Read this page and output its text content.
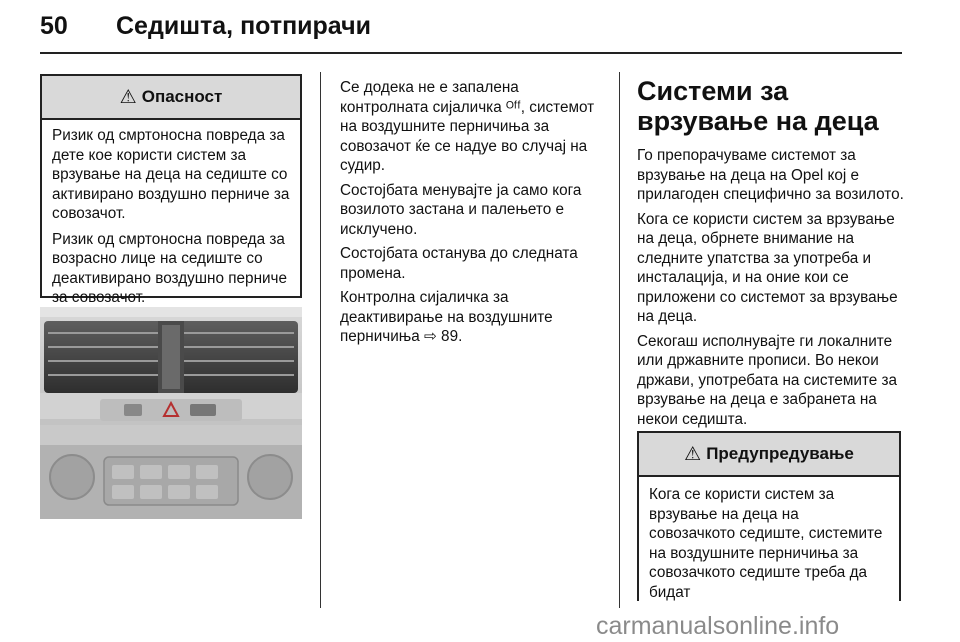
50 Седишта, потпирачи
⚠ Опасност

Ризик од смртоносна повреда за дете кое користи систем за врзување на деца на седиште со активирано воздушно перниче за совозачот.

Ризик од смртоносна повреда за возрасно лице на седиште со деактивирано воздушно перниче за совозачот.

Се додека не е запалена контролната сијаличка ᴼᶠᶠ, системот на воздушните перничиња за совозачот ќе се надуе во случај на судир.

Состојбата менувајте ја само кога возилото застана и палењето е исклучено.

Состојбата останува до следната промена.

Контролна сијаличка за деактивирање на воздушните перничиња ⇨ 89.

Системи за врзување на деца

Го препорачуваме системот за врзување на деца на Opel кој е прилагоден специфично за возилото.

Кога се користи систем за врзување на деца, обрнете внимание на следните упатства за употреба и инсталација, и на оние кои се приложени со системот за врзување на деца.

Секогаш исполнувајте ги локалните или државните прописи. Во некои држави, употребата на системите за врзување на деца е забранета на некои седишта.

⚠ Предупредување

Кога се користи систем за врзување на деца на совозачкото седиште, системите на воздушните перничиња за совозачкото седиште треба да бидат

carmanualsonline.info
